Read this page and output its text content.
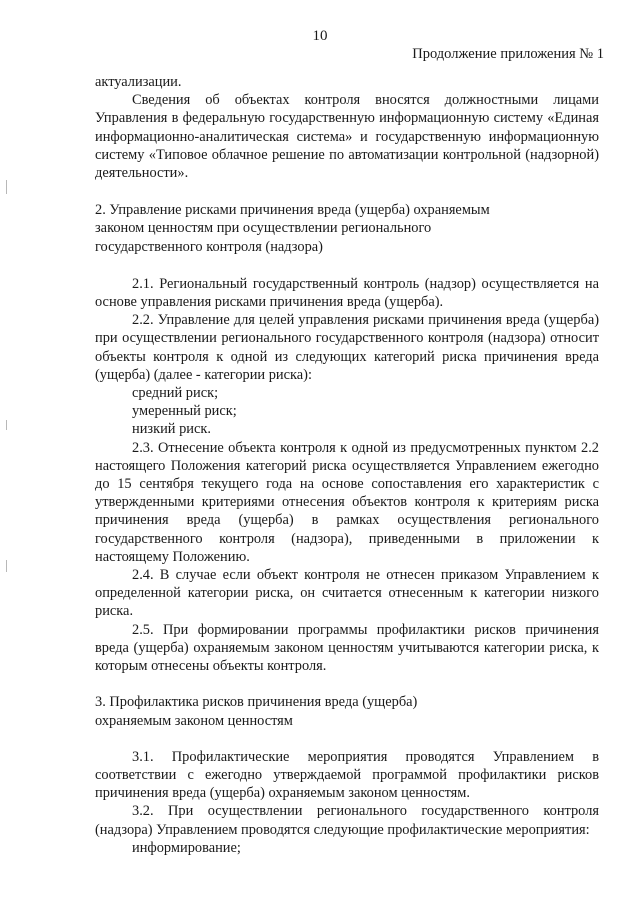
10
Продолжение приложения № 1

актуализации.

Сведения об объектах контроля вносятся должностными лицами Управления в федеральную государственную информационную систему «Единая информационно-аналитическая система» и государственную информационную систему «Типовое облачное решение по автоматизации контрольной (надзорной) деятельности».

2. Управление рисками причинения вреда (ущерба) охраняемым

законом ценностям при осуществлении регионального

государственного контроля (надзора)

2.1. Региональный государственный контроль (надзор) осуществляется на основе управления рисками причинения вреда (ущерба).

2.2. Управление для целей управления рисками причинения вреда (ущерба) при осуществлении регионального государственного контроля (надзора) относит объекты контроля к одной из следующих категорий риска причинения вреда (ущерба) (далее - категории риска):

средний риск;

умеренный риск;

низкий риск.

2.3. Отнесение объекта контроля к одной из предусмотренных пунктом 2.2 настоящего Положения категорий риска осуществляется Управлением ежегодно до 15 сентября текущего года на основе сопоставления его характеристик с утвержденными критериями отнесения объектов контроля к критериям риска причинения вреда (ущерба) в рамках осуществления регионального государственного контроля (надзора), приведенными в приложении к настоящему Положению.

2.4. В случае если объект контроля не отнесен приказом Управлением к определенной категории риска, он считается отнесенным к категории низкого риска.

2.5. При формировании программы профилактики рисков причинения вреда (ущерба) охраняемым законом ценностям учитываются категории риска, к которым отнесены объекты контроля.

3. Профилактика рисков причинения вреда (ущерба)

охраняемым законом ценностям

3.1. Профилактические мероприятия проводятся Управлением в соответствии с ежегодно утверждаемой программой профилактики рисков причинения вреда (ущерба) охраняемым законом ценностям.

3.2. При осуществлении регионального государственного контроля (надзора) Управлением проводятся следующие профилактические мероприятия:

информирование;
